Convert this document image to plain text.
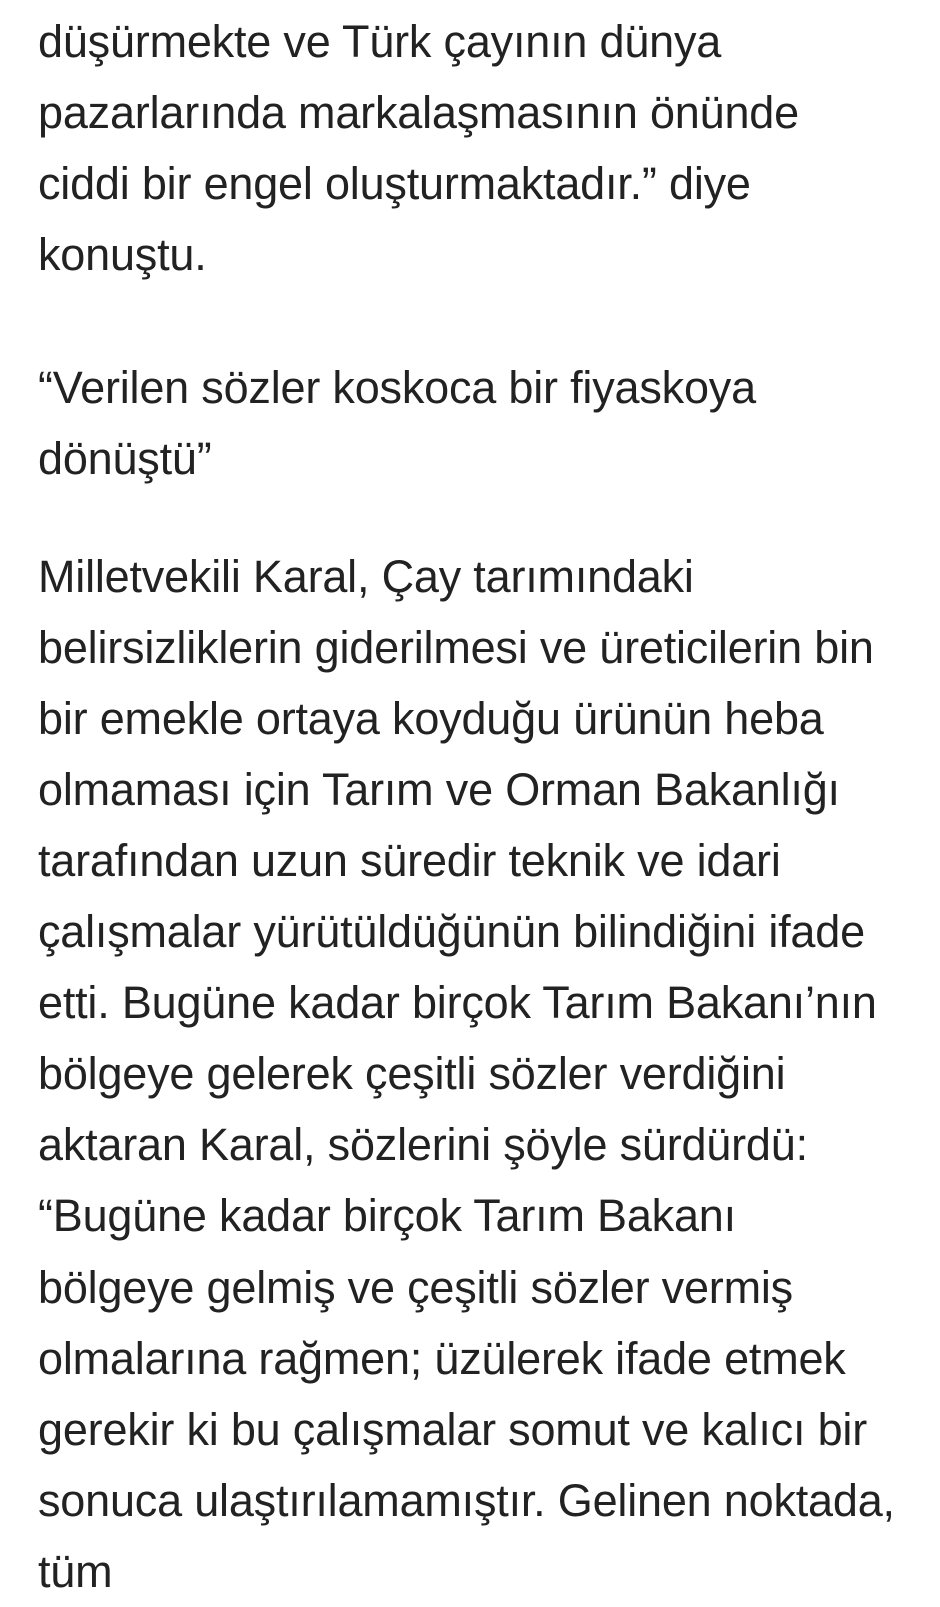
düşürmekte ve Türk çayının dünya pazarlarında markalaşmasının önünde ciddi bir engel oluşturmaktadır.” diye konuştu.

“Verilen sözler koskoca bir fiyaskoya dönüştü”

Milletvekili Karal, Çay tarımındaki belirsizliklerin giderilmesi ve üreticilerin bin bir emekle ortaya koyduğu ürünün heba olmaması için Tarım ve Orman Bakanlığı tarafından uzun süredir teknik ve idari çalışmalar yürütüldüğünün bilindiğini ifade etti. Bugüne kadar birçok Tarım Bakanı’nın bölgeye gelerek çeşitli sözler verdiğini aktaran Karal, sözlerini şöyle sürdürdü: “Bugüne kadar birçok Tarım Bakanı bölgeye gelmiş ve çeşitli sözler vermiş olmalarına rağmen; üzülerek ifade etmek gerekir ki bu çalışmalar somut ve kalıcı bir sonuca ulaştırılamamıştır. Gelinen noktada, tüm
